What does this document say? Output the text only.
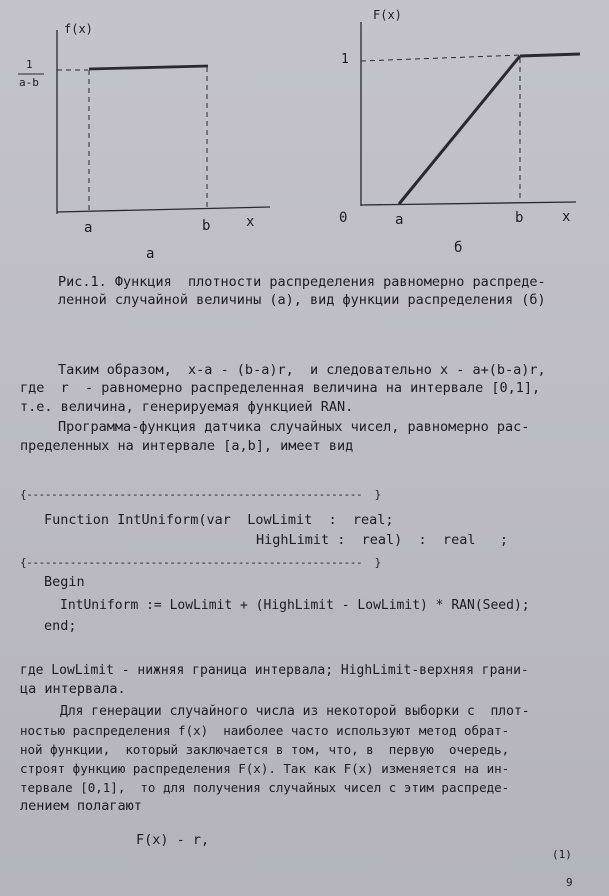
f(x)
1
a-b
a	b	x
а
F(x)
1
0	a	b	x
б
Рис.1. Функция  плотности распределения равномерно распреде-
ленной случайной величины (а), вид функции распределения (б)
Таким образом,  x-a - (b-a)r,  и следовательно x - a+(b-a)r,
где  r  - равномерно распределенная величина на интервале [0,1],
т.е. величина, генерируемая функцией RAN.
Программа-функция датчика случайных чисел, равномерно рас-
пределенных на интервале [a,b], имеет вид
{------------------------------------------------------  }
Function IntUniform(var  LowLimit  :  real;
HighLimit :  real)  :  real   ;
{------------------------------------------------------  }
Begin
IntUniform := LowLimit + (HighLimit - LowLimit) * RAN(Seed);
end;
где LowLimit - нижняя граница интервала; HighLimit-верхняя грани-
ца интервала.
Для генерации случайного числа из некоторой выборки с  плот-
ностью распределения f(x)  наиболее часто используют метод обрат-
ной функции,  который заключается в том, что, в  первую  очередь,
строят функцию распределения F(x). Так как F(x) изменяется на ин-
тервале [0,1],  то для получения случайных чисел с этим распреде-
лением полагают
F(x) - r,
(1)
9
